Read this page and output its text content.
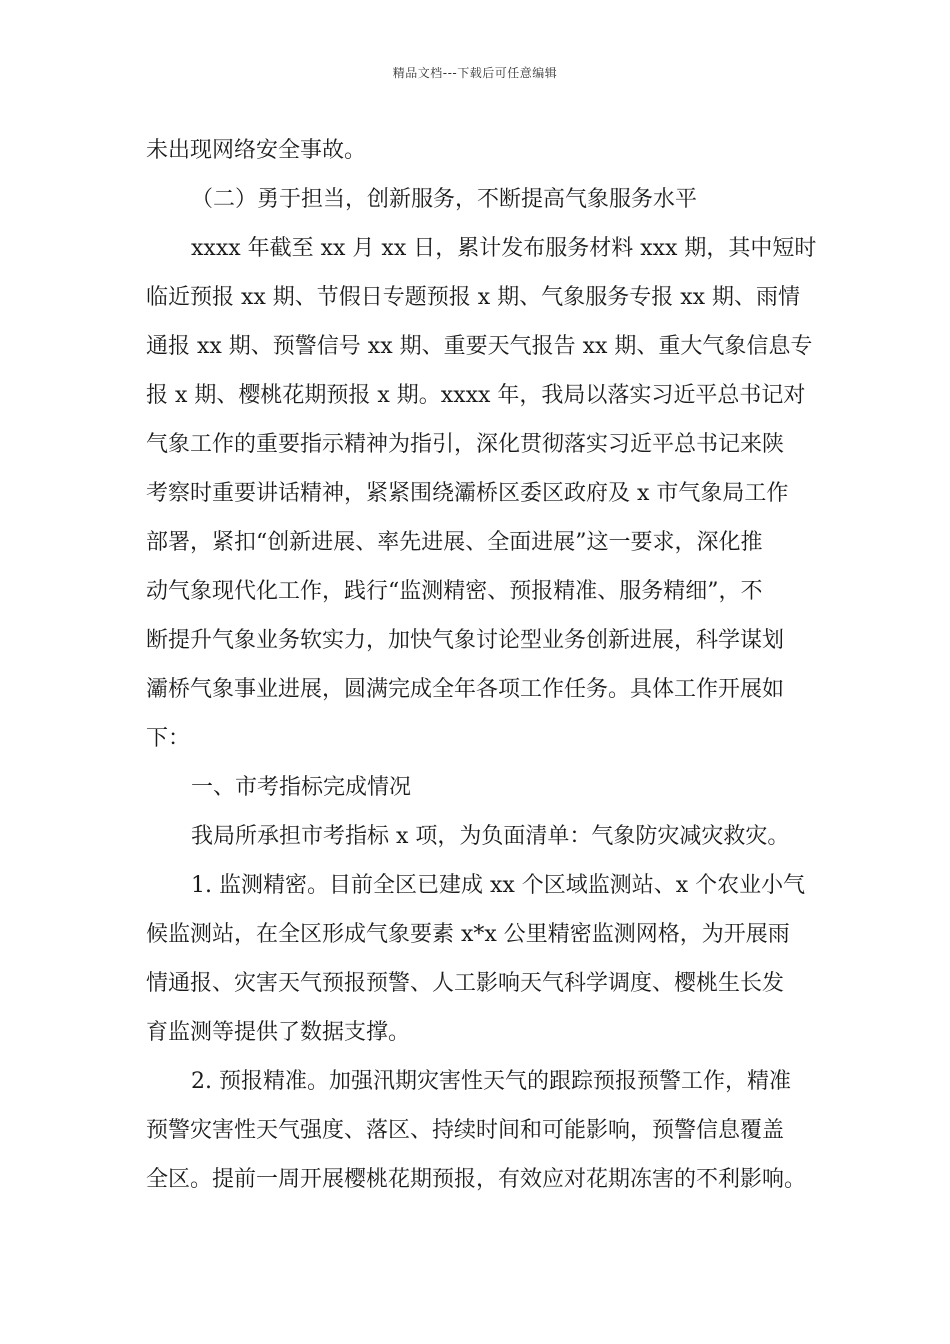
精品文档---下载后可任意编辑
未出现网络安全事故。
（二）勇于担当，创新服务，不断提高气象服务水平
xxxx 年截至 xx 月 xx 日，累计发布服务材料 xxx 期，其中短时
临近预报 xx 期、节假日专题预报 x 期、气象服务专报 xx 期、雨情
通报 xx 期、预警信号 xx 期、重要天气报告 xx 期、重大气象信息专
报 x 期、樱桃花期预报 x 期。xxxx 年，我局以落实习近平总书记对
气象工作的重要指示精神为指引，深化贯彻落实习近平总书记来陕
考察时重要讲话精神，紧紧围绕灞桥区委区政府及 x 市气象局工作
部署，紧扣“创新进展、率先进展、全面进展”这一要求，深化推
动气象现代化工作，践行“监测精密、预报精准、服务精细”，不
断提升气象业务软实力，加快气象讨论型业务创新进展，科学谋划
灞桥气象事业进展，圆满完成全年各项工作任务。具体工作开展如
下：
一、市考指标完成情况
我局所承担市考指标 x 项，为负面清单：气象防灾减灾救灾。
1. 监测精密。目前全区已建成 xx 个区域监测站、x 个农业小气
候监测站，在全区形成气象要素 x*x 公里精密监测网格，为开展雨
情通报、灾害天气预报预警、人工影响天气科学调度、樱桃生长发
育监测等提供了数据支撑。
2. 预报精准。加强汛期灾害性天气的跟踪预报预警工作，精准
预警灾害性天气强度、落区、持续时间和可能影响，预警信息覆盖
全区。提前一周开展樱桃花期预报，有效应对花期冻害的不利影响。
